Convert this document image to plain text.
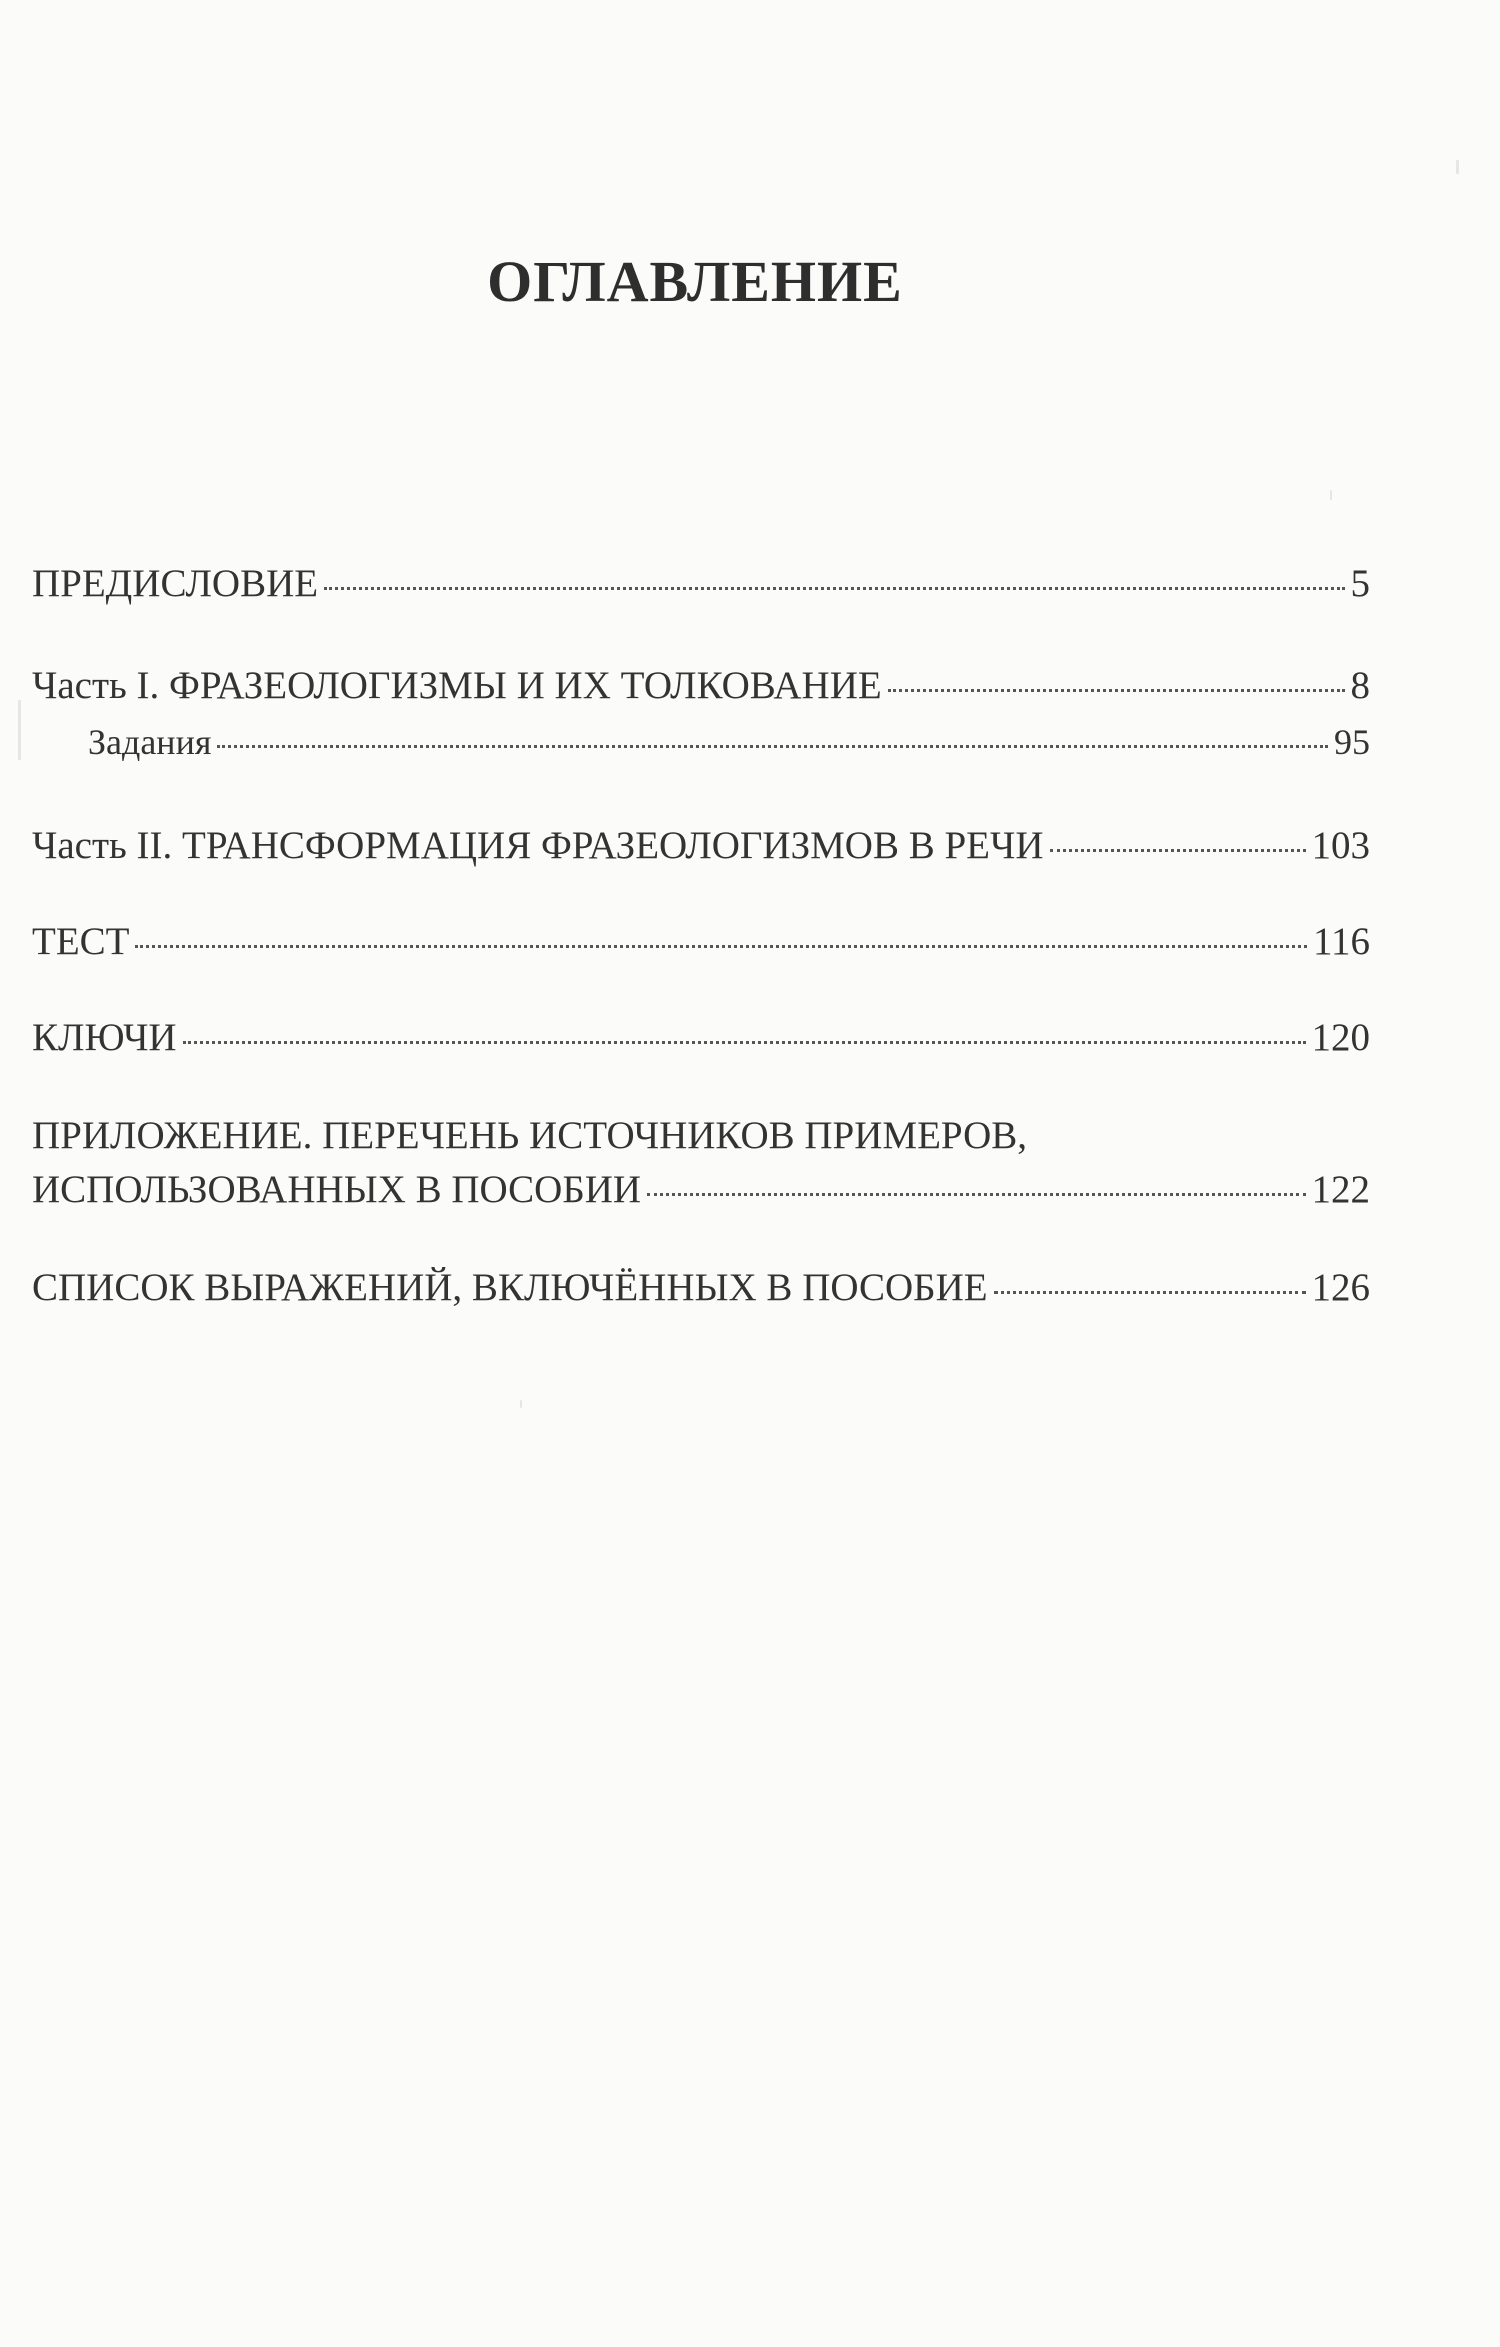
ОГЛАВЛЕНИЕ
ПРЕДИСЛОВИЕ	5
Часть I. ФРАЗЕОЛОГИЗМЫ И ИХ ТОЛКОВАНИЕ	8
Задания	95
Часть II. ТРАНСФОРМАЦИЯ ФРАЗЕОЛОГИЗМОВ В РЕЧИ	103
ТЕСТ	116
КЛЮЧИ	120
ПРИЛОЖЕНИЕ. ПЕРЕЧЕНЬ ИСТОЧНИКОВ ПРИМЕРОВ,
ИСПОЛЬЗОВАННЫХ В ПОСОБИИ	122
СПИСОК ВЫРАЖЕНИЙ, ВКЛЮЧЁННЫХ В ПОСОБИЕ	126
